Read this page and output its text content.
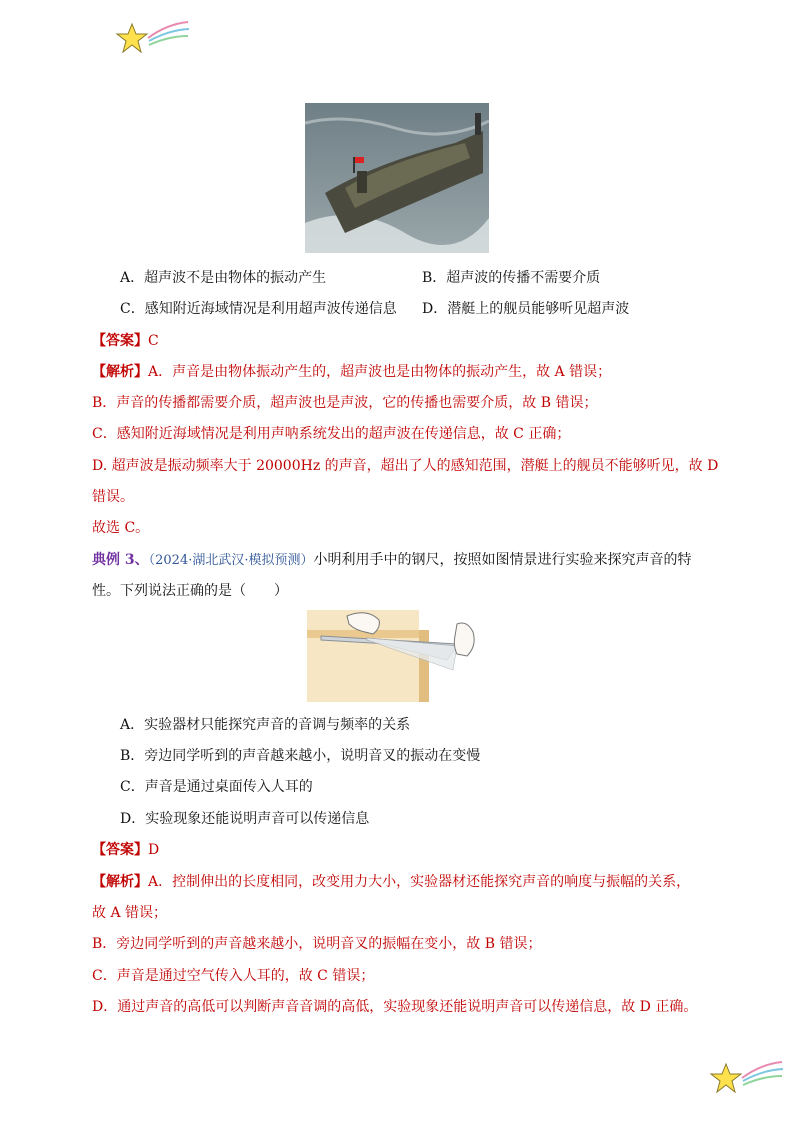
A．超声波不是由物体的振动产生	B．超声波的传播不需要介质
C．感知附近海域情况是利用超声波传递信息 D．潜艇上的舰员能够听见超声波
【答案】C
【解析】A．声音是由物体振动产生的，超声波也是由物体的振动产生，故 A 错误；
B．声音的传播都需要介质，超声波也是声波，它的传播也需要介质，故 B 错误；
C．感知附近海域情况是利用声呐系统发出的超声波在传递信息，故 C 正确；
D. 超声波是振动频率大于 20000Hz 的声音，超出了人的感知范围，潜艇上的舰员不能够听见，故 D
错误。
故选 C。
典例 3、（2024·湖北武汉·模拟预测）小明利用手中的钢尺，按照如图情景进行实验来探究声音的特
性。下列说法正确的是（　　）
A．实验器材只能探究声音的音调与频率的关系
B．旁边同学听到的声音越来越小，说明音叉的振动在变慢
C．声音是通过桌面传入人耳的
D．实验现象还能说明声音可以传递信息
【答案】D
【解析】A．控制伸出的长度相同，改变用力大小，实验器材还能探究声音的响度与振幅的关系，
故 A 错误；
B．旁边同学听到的声音越来越小，说明音叉的振幅在变小，故 B 错误；
C．声音是通过空气传入人耳的，故 C 错误；
D．通过声音的高低可以判断声音音调的高低，实验现象还能说明声音可以传递信息，故 D 正确。
